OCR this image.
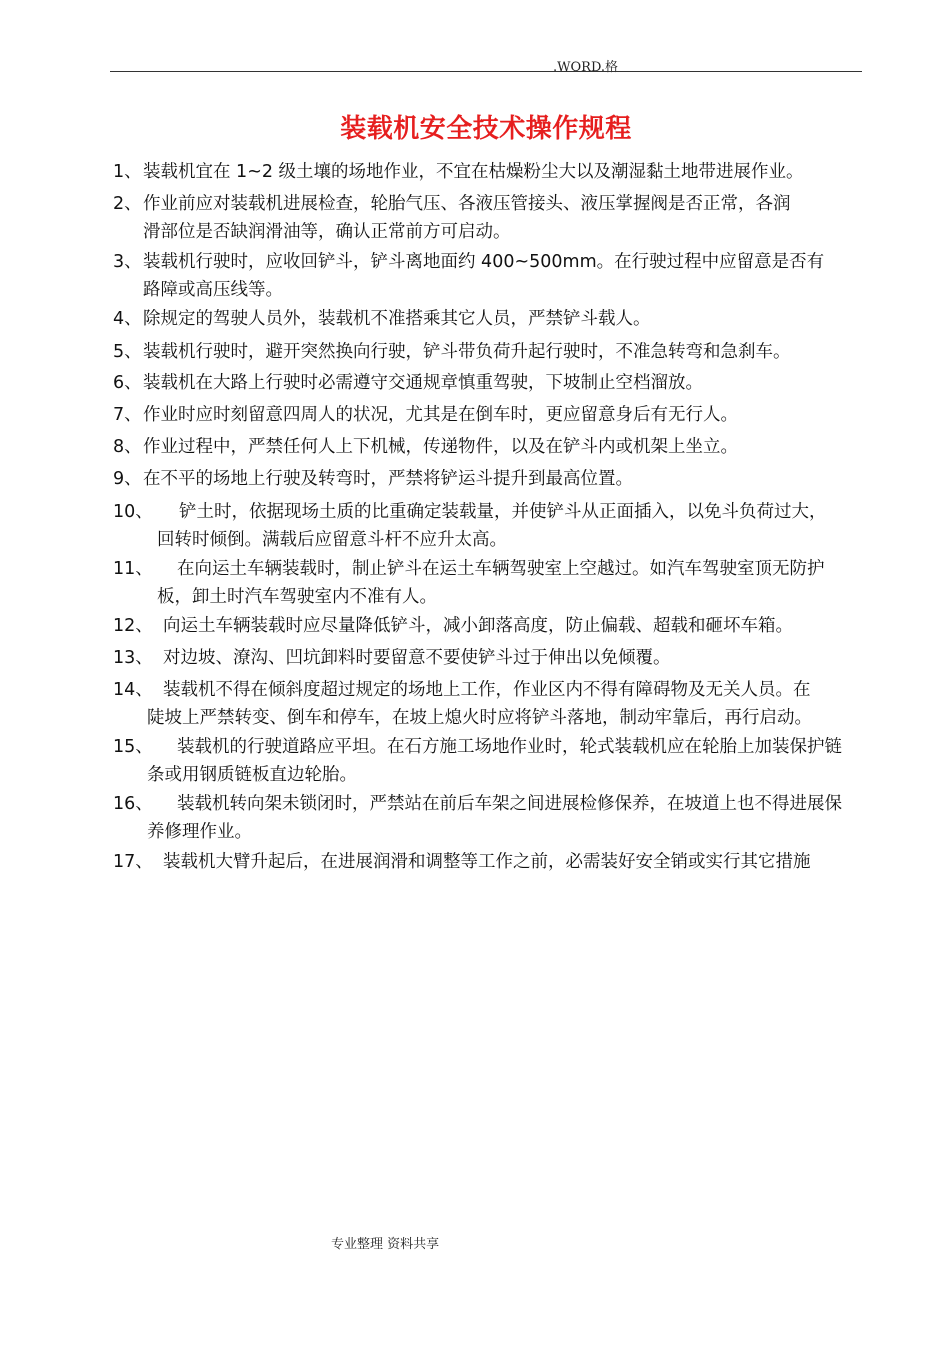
.WORD.格
装载机安全技术操作规程
1、 装载机宜在 1~2 级土壤的场地作业，不宜在枯燥粉尘大以及潮湿黏土地带进展作业。
2、 作业前应对装载机进展检查，轮胎气压、各液压管接头、液压掌握阀是否正常，各润
滑部位是否缺润滑油等，确认正常前方可启动。
3、 装载机行驶时，应收回铲斗，铲斗离地面约 400~500mm。在行驶过程中应留意是否有
路障或高压线等。
4、 除规定的驾驶人员外，装载机不准搭乘其它人员，严禁铲斗载人。
5、 装载机行驶时，避开突然换向行驶，铲斗带负荷升起行驶时，不准急转弯和急刹车。
6、 装载机在大路上行驶时必需遵守交通规章慎重驾驶，下坡制止空档溜放。
7、 作业时应时刻留意四周人的状况，尤其是在倒车时，更应留意身后有无行人。
8、 作业过程中，严禁任何人上下机械，传递物件，以及在铲斗内或机架上坐立。
9、 在不平的场地上行驶及转弯时，严禁将铲运斗提升到最高位置。
10、 铲土时，依据现场土质的比重确定装载量，并使铲斗从正面插入，以免斗负荷过大，
回转时倾倒。满载后应留意斗杆不应升太高。
11、 在向运土车辆装载时，制止铲斗在运土车辆驾驶室上空越过。如汽车驾驶室顶无防护
板，卸土时汽车驾驶室内不准有人。
12、 向运土车辆装载时应尽量降低铲斗，减小卸落高度，防止偏载、超载和砸坏车箱。
13、 对边坡、潦沟、凹坑卸料时要留意不要使铲斗过于伸出以免倾覆。
14、 装载机不得在倾斜度超过规定的场地上工作，作业区内不得有障碍物及无关人员。在
陡坡上严禁转变、倒车和停车，在坡上熄火时应将铲斗落地，制动牢靠后，再行启动。
15、 装载机的行驶道路应平坦。在石方施工场地作业时，轮式装载机应在轮胎上加装保护链
条或用钢质链板直边轮胎。
16、 装载机转向架未锁闭时，严禁站在前后车架之间进展检修保养，在坡道上也不得进展保
养修理作业。
17、 装载机大臂升起后，在进展润滑和调整等工作之前，必需装好安全销或实行其它措施
专业整理 资料共享
